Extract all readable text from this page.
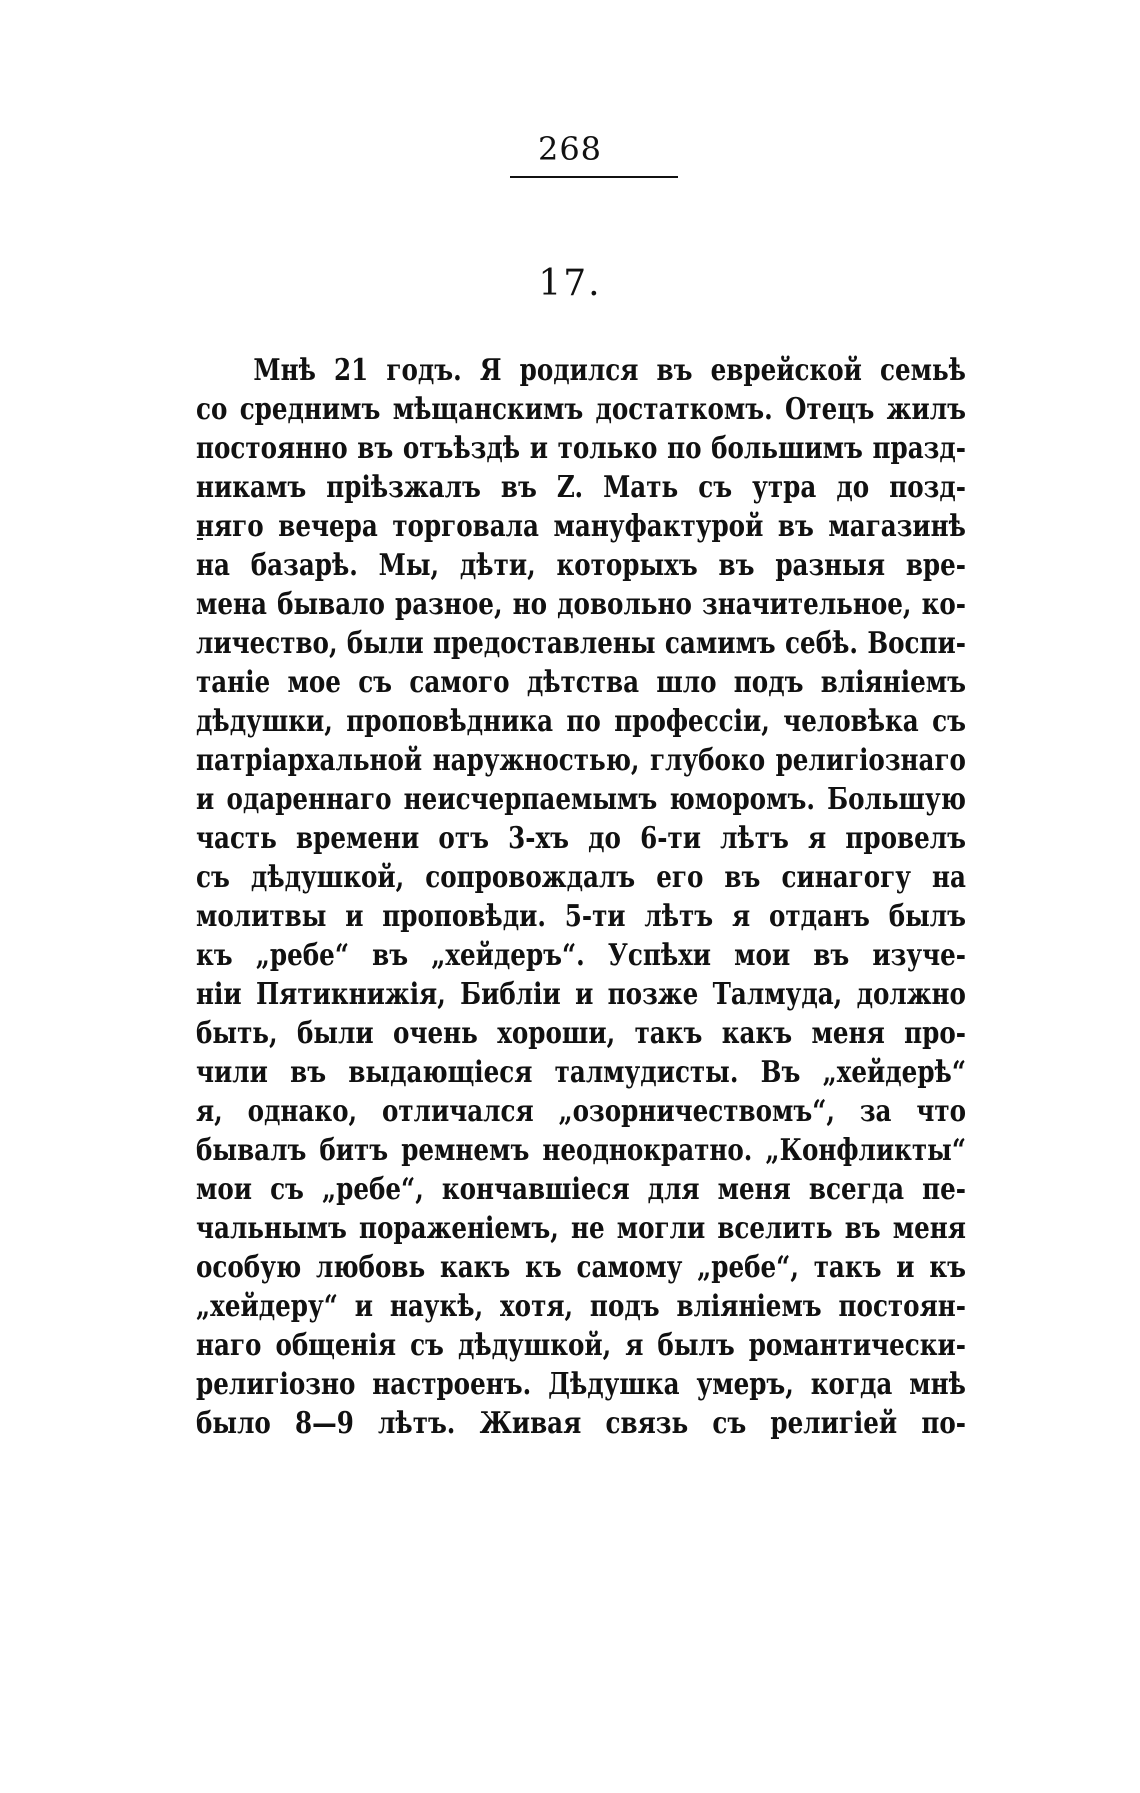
268
17.
Мнѣ 21 годъ. Я родился въ еврейской семьѣ
со среднимъ мѣщанскимъ достаткомъ. Отецъ жилъ
постоянно въ отъѣздѣ и только по большимъ празд-
никамъ пріѣзжалъ въ Z. Мать съ утра до позд-
няго вечера торговала мануфактурой въ магазинѣ
на базарѣ. Мы, дѣти, которыхъ въ разныя вре-
мена бывало разное, но довольно значительное, ко-
личество, были предоставлены самимъ себѣ. Воспи-
таніе мое съ самого дѣтства шло подъ вліяніемъ
дѣдушки, проповѣдника по профессіи, человѣка съ
патріархальной наружностью, глубоко религіознаго
и одареннаго неисчерпаемымъ юморомъ. Большую
часть времени отъ 3-хъ до 6-ти лѣтъ я провелъ
съ дѣдушкой, сопровождалъ его въ синагогу на
молитвы и проповѣди. 5-ти лѣтъ я отданъ былъ
къ „ребе“ въ „хейдеръ“. Успѣхи мои въ изуче-
ніи Пятикнижія, Библіи и позже Талмуда, должно
быть, были очень хороши, такъ какъ меня про-
чили въ выдающіеся талмудисты. Въ „хейдерѣ“
я, однако, отличался „озорничествомъ“, за что
бывалъ битъ ремнемъ неоднократно. „Конфликты“
мои съ „ребе“, кончавшіеся для меня всегда пе-
чальнымъ пораженіемъ, не могли вселить въ меня
особую любовь какъ къ самому „ребе“, такъ и къ
„хейдеру“ и наукѣ, хотя, подъ вліяніемъ постоян-
наго общенія съ дѣдушкой, я былъ романтически-
религіозно настроенъ. Дѣдушка умеръ, когда мнѣ
было 8—9 лѣтъ. Живая связь съ религіей по-
